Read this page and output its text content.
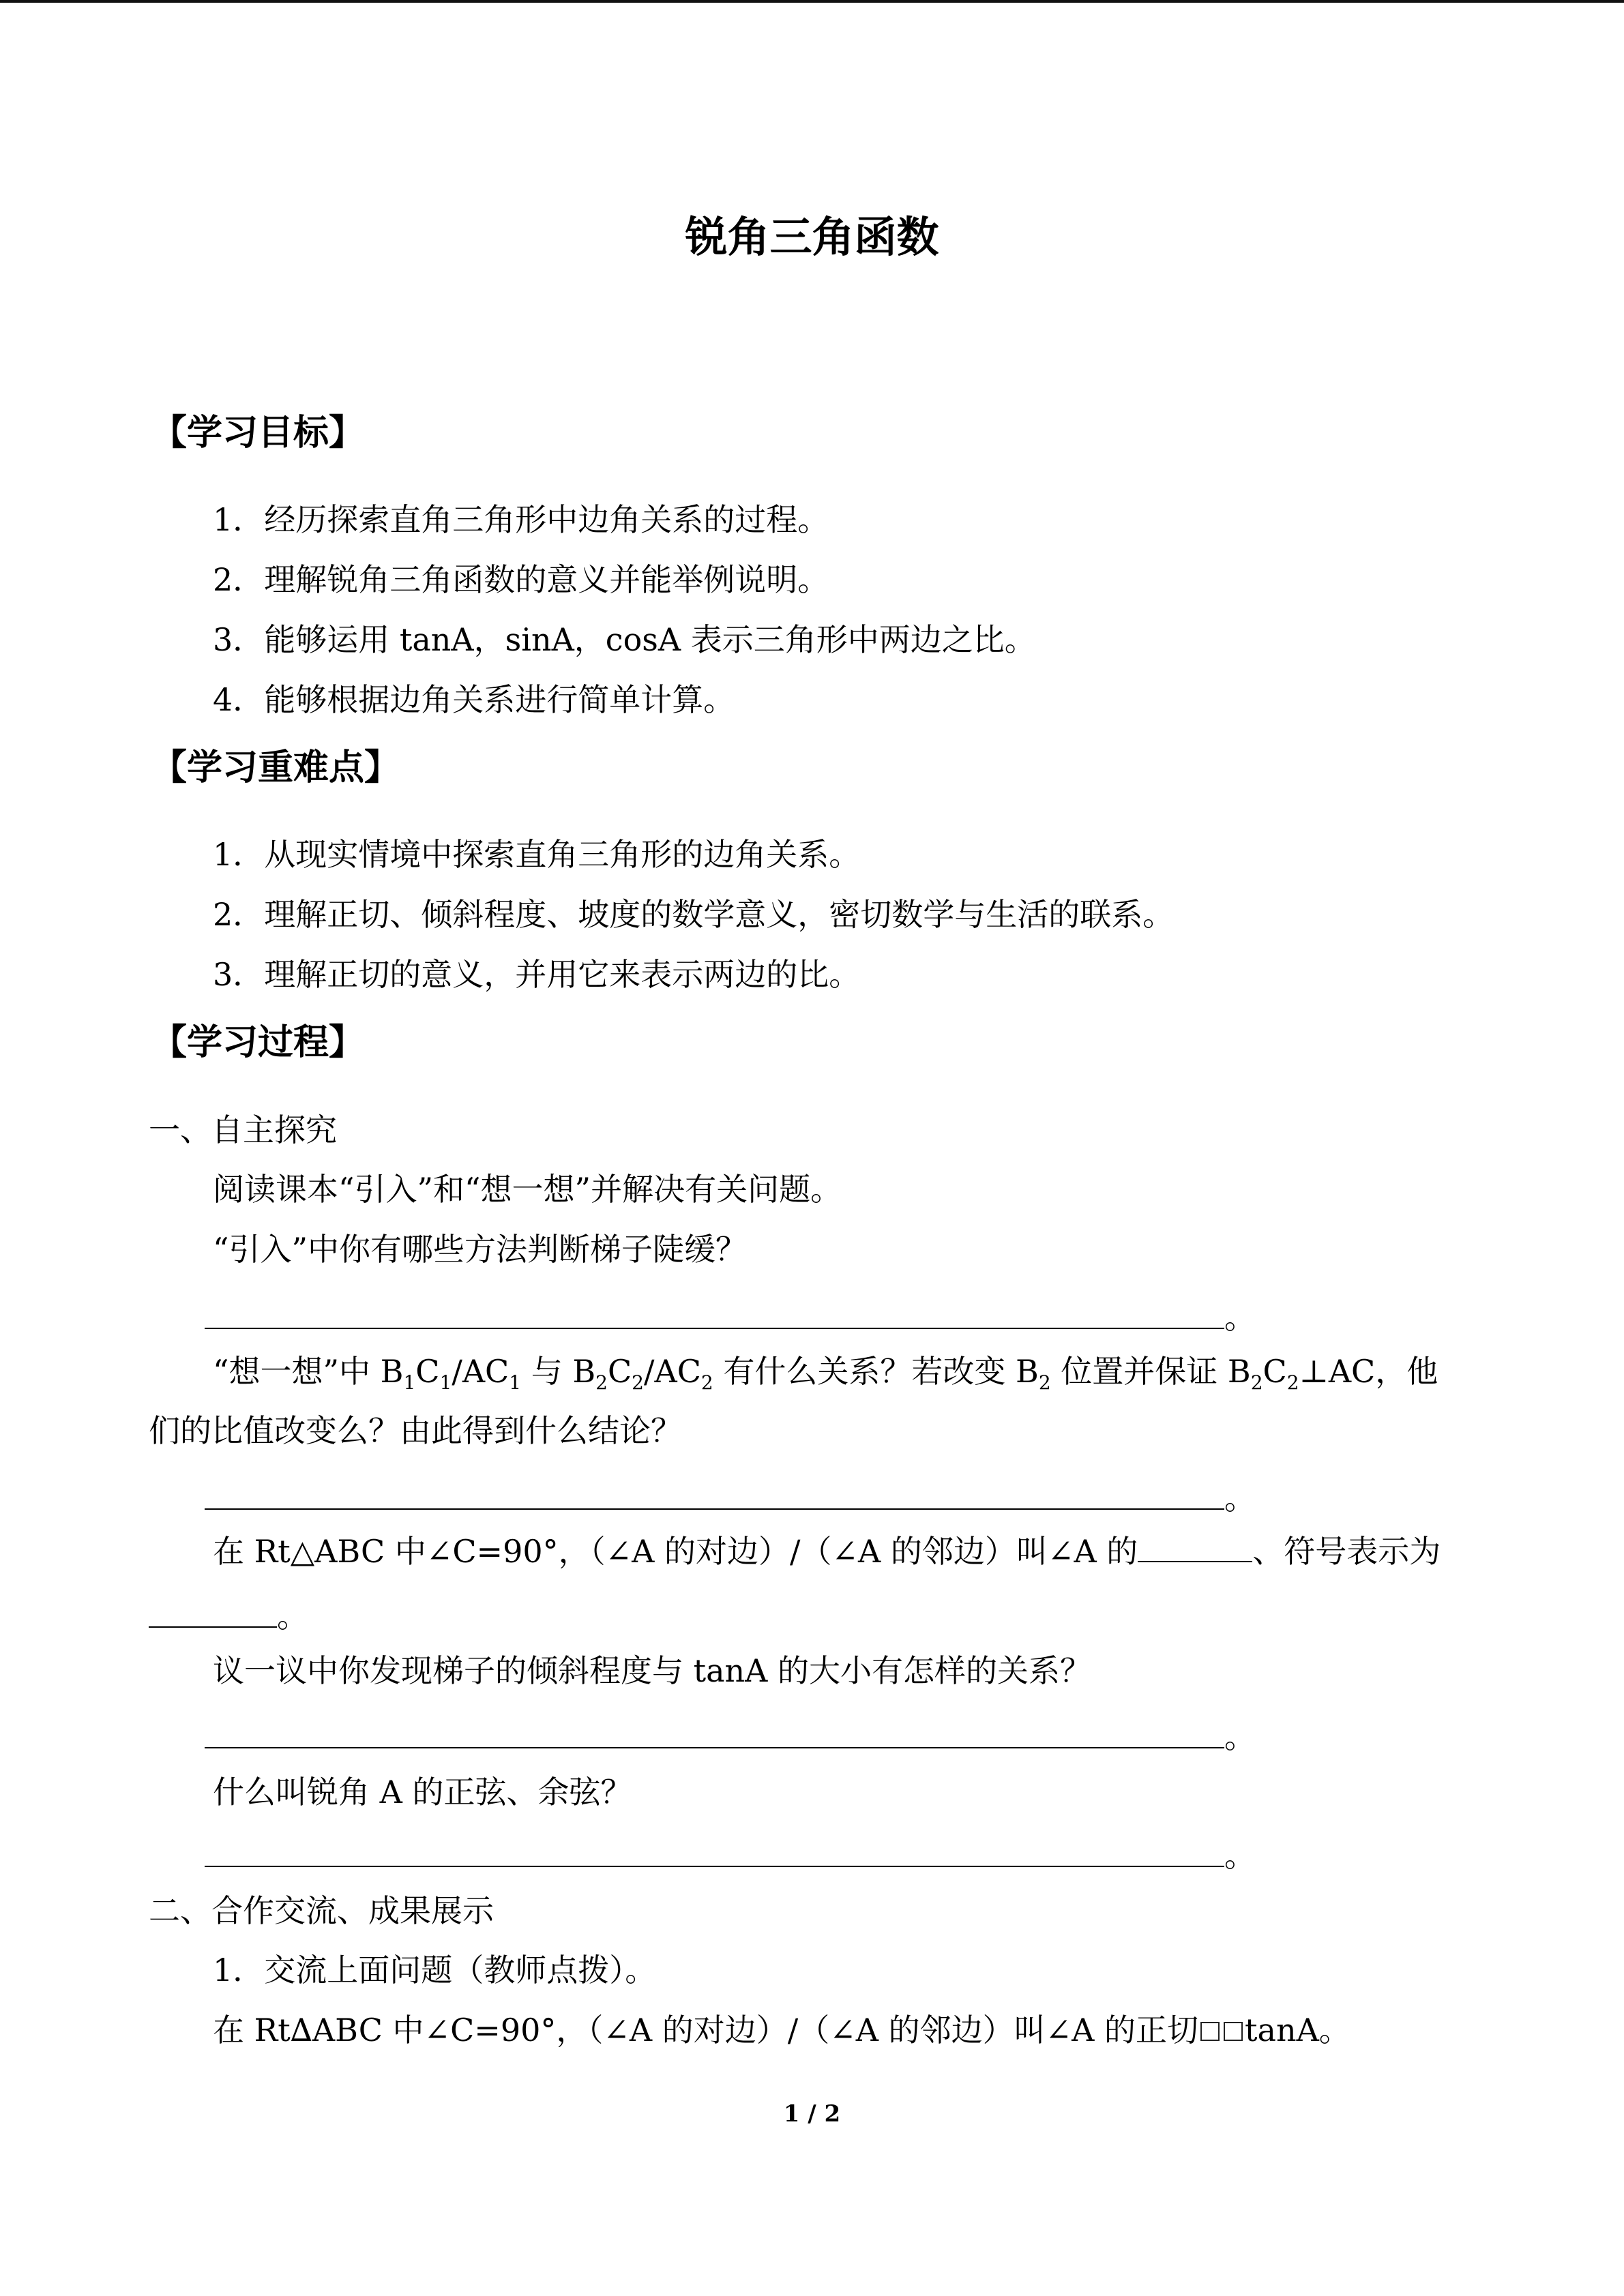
锐角三角函数
【学习目标】
1．经历探索直角三角形中边角关系的过程。
2．理解锐角三角函数的意义并能举例说明。
3．能够运用 tanA，sinA，cosA 表示三角形中两边之比。
4．能够根据边角关系进行简单计算。
【学习重难点】
1．从现实情境中探索直角三角形的边角关系。
2．理解正切、倾斜程度、坡度的数学意义，密切数学与生活的联系。
3．理解正切的意义，并用它来表示两边的比。
【学习过程】
一、自主探究
阅读课本“引入”和“想一想”并解决有关问题。
“引入”中你有哪些方法判断梯子陡缓？
。
“想一想”中 $B_1C_1/AC_1$ 与 $B_2C_2/AC_2$ 有什么关系？若改变 $B_2$ 位置并保证 $B_2C_2\perp AC$，他
们的比值改变么？由此得到什么结论？
。
在 Rt△ABC 中∠C=90°，（∠A 的对边）/（∠A 的邻边）叫∠A 的	、符号表示为
。
议一议中你发现梯子的倾斜程度与 tanA 的大小有怎样的关系？
。
什么叫锐角 A 的正弦、余弦？
。
二、合作交流、成果展示
1．交流上面问题（教师点拨）。
在 Rt∆ABC 中∠C=90°，（∠A 的对边）/（∠A 的邻边）叫∠A 的正切 tanA。
1 / 2
